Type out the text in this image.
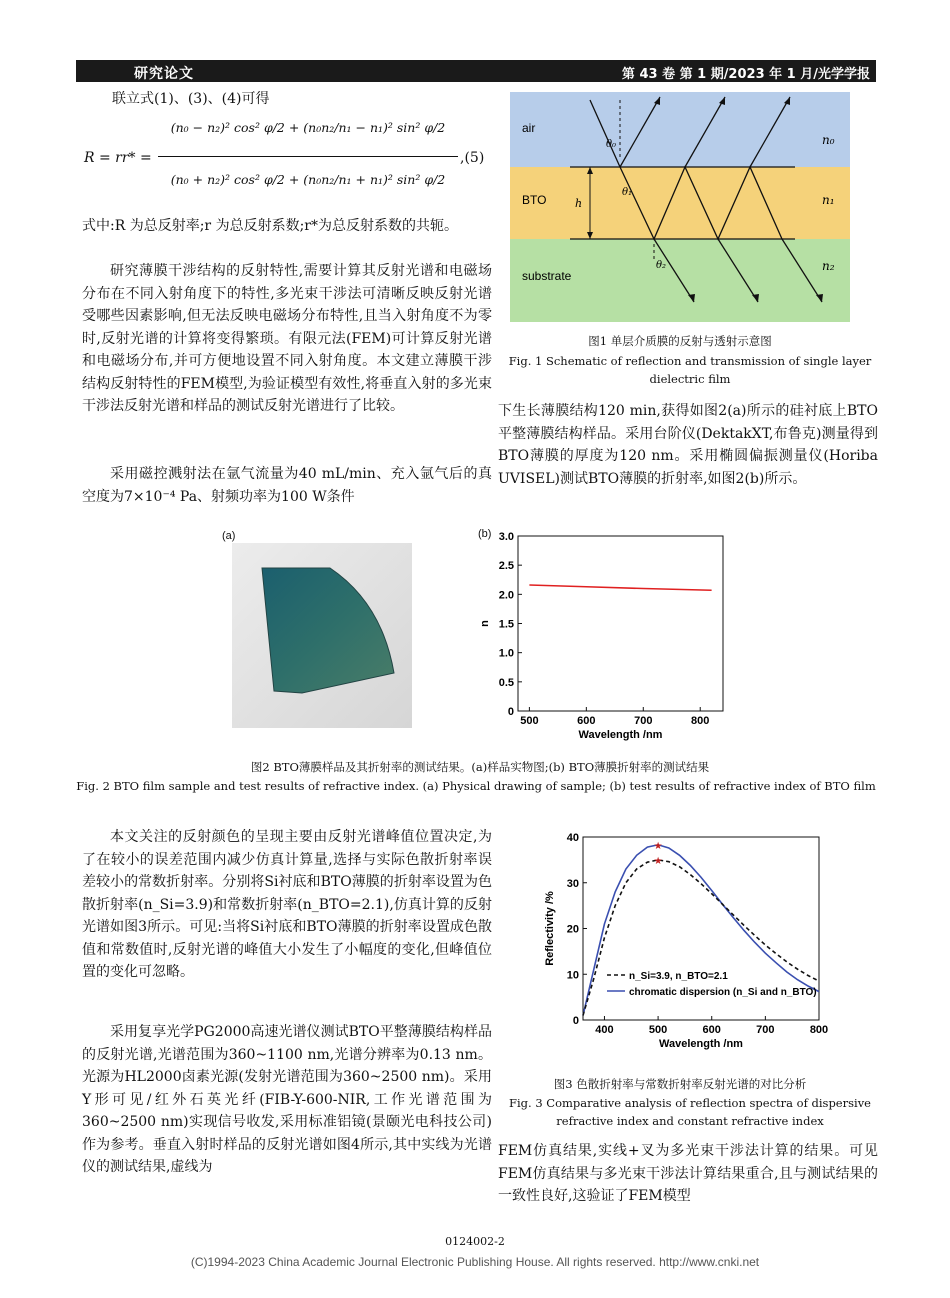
研究论文	第 43 卷 第 1 期/2023 年 1 月/光学学报
联立式(1)、(3)、(4)可得
R = rr* =
(n₀ − n₂)² cos² φ/2 + (n₀n₂/n₁ − n₁)² sin² φ/2
(n₀ + n₂)² cos² φ/2 + (n₀n₂/n₁ + n₁)² sin² φ/2
,(5)

式中:R 为总反射率;r 为总反射系数;r*为总反射系数的共轭。

研究薄膜干涉结构的反射特性,需要计算其反射光谱和电磁场分布在不同入射角度下的特性,多光束干涉法可清晰反映反射光谱受哪些因素影响,但无法反映电磁场分布特性,且当入射角度不为零时,反射光谱的计算将变得繁琐。有限元法(FEM)可计算反射光谱和电磁场分布,并可方便地设置不同入射角度。本文建立薄膜干涉结构反射特性的FEM模型,为验证模型有效性,将垂直入射的多光束干涉法反射光谱和样品的测试反射光谱进行了比较。

采用磁控溅射法在氩气流量为40 mL/min、充入氩气后的真空度为7×10⁻⁴ Pa、射频功率为100 W条件

air
BTO
substrate
n₀
n₁
n₂
h
θ₀
θ₁
θ₂
图1 单层介质膜的反射与透射示意图
Fig. 1 Schematic of reflection and transmission of single layer dielectric film

下生长薄膜结构120 min,获得如图2(a)所示的硅衬底上BTO平整薄膜结构样品。采用台阶仪(DektakXT,布鲁克)测量得到BTO薄膜的厚度为120 nm。采用椭圆偏振测量仪(Horiba UVISEL)测试BTO薄膜的折射率,如图2(b)所示。

(a)	(b)
500	600	700	800
0
0.5
1.0
1.5
2.0
2.5
3.0
Wavelength /nm
n
图2 BTO薄膜样品及其折射率的测试结果。(a)样品实物图;(b) BTO薄膜折射率的测试结果
Fig. 2 BTO film sample and test results of refractive index. (a) Physical drawing of sample; (b) test results of refractive index of BTO film

本文关注的反射颜色的呈现主要由反射光谱峰值位置决定,为了在较小的误差范围内减少仿真计算量,选择与实际色散折射率误差较小的常数折射率。分别将Si衬底和BTO薄膜的折射率设置为色散折射率(n_Si=3.9)和常数折射率(n_BTO=2.1),仿真计算的反射光谱如图3所示。可见:当将Si衬底和BTO薄膜的折射率设置成色散值和常数值时,反射光谱的峰值大小发生了小幅度的变化,但峰值位置的变化可忽略。

采用复享光学PG2000高速光谱仪测试BTO平整薄膜结构样品的反射光谱,光谱范围为360~1100 nm,光谱分辨率为0.13 nm。光源为HL2000卤素光源(发射光谱范围为360~2500 nm)。采用Y形可见/红外石英光纤(FIB-Y-600-NIR,工作光谱范围为360~2500 nm)实现信号收发,采用标准铝镜(景颐光电科技公司)作为参考。垂直入射时样品的反射光谱如图4所示,其中实线为光谱仪的测试结果,虚线为

400	500	600	700	800
0
10
20
30
40
Wavelength /nm
Reflectivity /%
★
★
n_Si=3.9, n_BTO=2.1
chromatic dispersion (n_Si and n_BTO)
图3 色散折射率与常数折射率反射光谱的对比分析
Fig. 3 Comparative analysis of reflection spectra of dispersive refractive index and constant refractive index

FEM仿真结果,实线+叉为多光束干涉法计算的结果。可见FEM仿真结果与多光束干涉法计算结果重合,且与测试结果的一致性良好,这验证了FEM模型

0124002-2
(C)1994-2023 China Academic Journal Electronic Publishing House. All rights reserved. http://www.cnki.net
